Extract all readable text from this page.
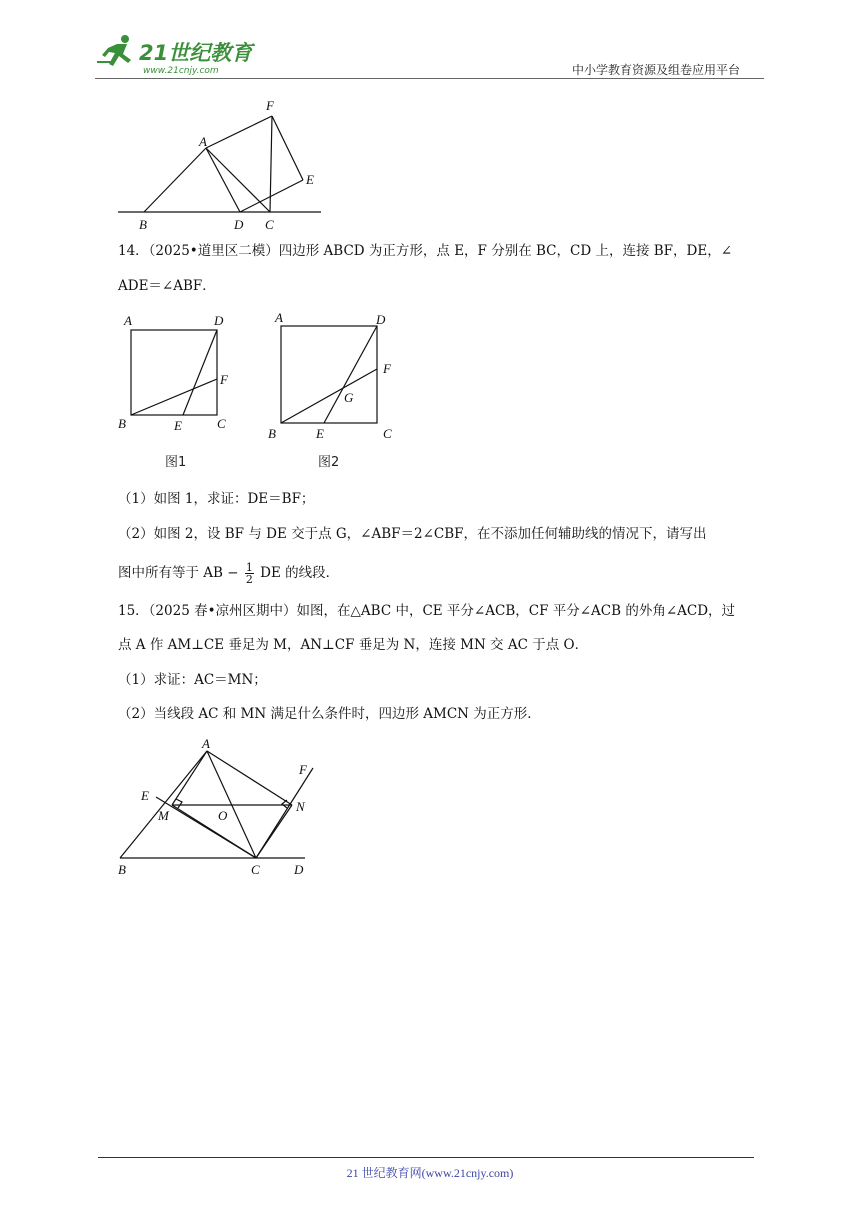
21世纪教育
www.21cnjy.com	中小学教育资源及组卷应用平台
F
A
E
B	D C
14．（2025•道里区二模）四边形 ABCD 为正方形，点 E，F 分别在 BC，CD 上，连接 BF，DE，∠
ADE＝∠ABF．
A	D
F
B	E	C
图1
A	D
F
G
B	E	C
图2
（1）如图 1，求证：DE＝BF；
（2）如图 2，设 BF 与 DE 交于点 G，∠ABF＝2∠CBF，在不添加任何辅助线的情况下，请写出
图中所有等于 AB − $\frac{1}{2}$ DE 的线段．
15．（2025 春•凉州区期中）如图，在△ABC 中，CE 平分∠ACB，CF 平分∠ACB 的外角∠ACD，过
点 A 作 AM⊥CE 垂足为 M，AN⊥CF 垂足为 N，连接 MN 交 AC 于点 O．
（1）求证：AC＝MN；
（2）当线段 AC 和 MN 满足什么条件时，四边形 AMCN 为正方形．
A
F
E
M	O
N
B	C	D
21 世纪教育网(www.21cnjy.com)
